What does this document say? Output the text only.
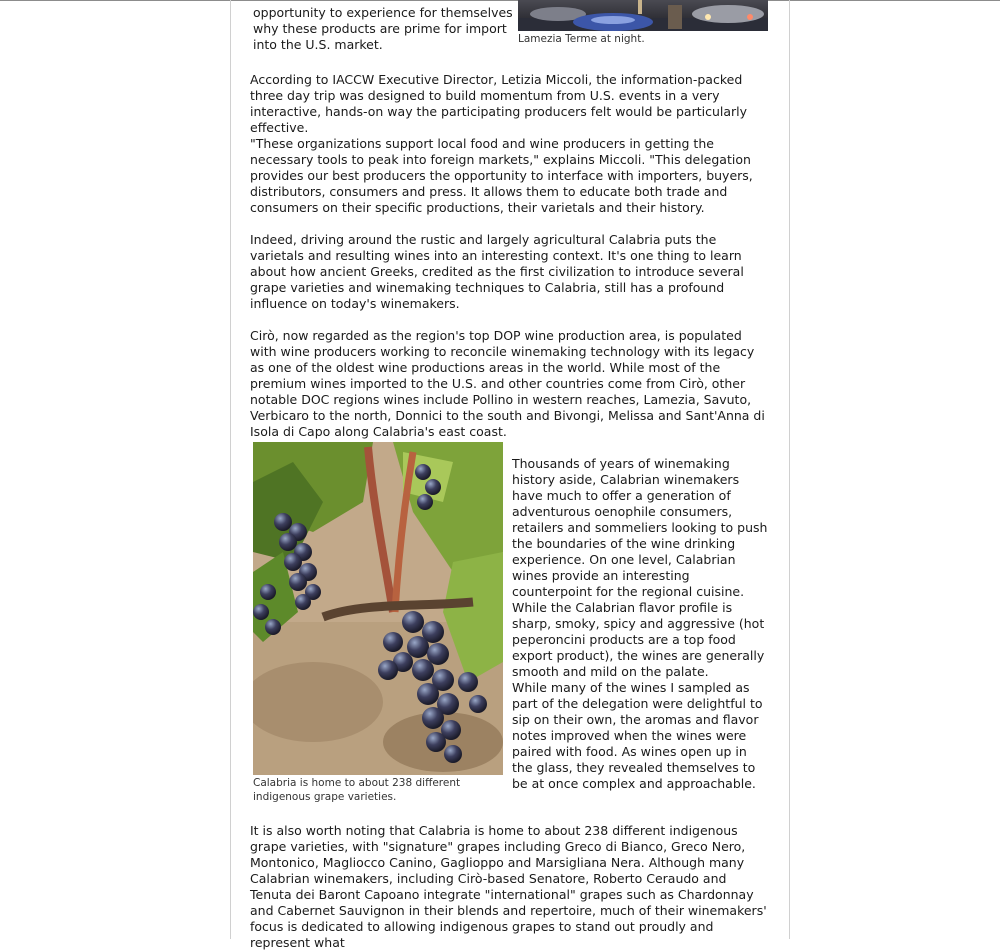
opportunity to experience for themselves why these products are prime for import into the U.S. market.	Lamezia Terme at night.

According to IACCW Executive Director, Letizia Miccoli, the information-packed three day trip was designed to build momentum from U.S. events in a very interactive, hands-on way the participating producers felt would be particularly effective.

"These organizations support local food and wine producers in getting the necessary tools to peak into foreign markets," explains Miccoli. "This delegation provides our best producers the opportunity to interface with importers, buyers, distributors, consumers and press. It allows them to educate both trade and consumers on their specific productions, their varietals and their history.

Indeed, driving around the rustic and largely agricultural Calabria puts the varietals and resulting wines into an interesting context. It's one thing to learn about how ancient Greeks, credited as the first civilization to introduce several grape varieties and winemaking techniques to Calabria, still has a profound influence on today's winemakers.

Cirò, now regarded as the region's top DOP wine production area, is populated with wine producers working to reconcile winemaking technology with its legacy as one of the oldest wine productions areas in the world. While most of the premium wines imported to the U.S. and other countries come from Cirò, other notable DOC regions wines include Pollino in western reaches, Lamezia, Savuto, Verbicaro to the north, Donnici to the south and Bivongi, Melissa and Sant'Anna di Isola di Capo along Calabria's east coast.

Calabria is home to about 238 different indigenous grape varieties.

Thousands of years of winemaking history aside, Calabrian winemakers have much to offer a generation of adventurous oenophile consumers, retailers and sommeliers looking to push the boundaries of the wine drinking experience. On one level, Calabrian wines provide an interesting counterpoint for the regional cuisine. While the Calabrian flavor profile is sharp, smoky, spicy and aggressive (hot peperoncini products are a top food export product), the wines are generally smooth and mild on the palate.

While many of the wines I sampled as part of the delegation were delightful to sip on their own, the aromas and flavor notes improved when the wines were paired with food. As wines open up in the glass, they revealed themselves to be at once complex and approachable.

It is also worth noting that Calabria is home to about 238 different indigenous grape varieties, with "signature" grapes including Greco di Bianco, Greco Nero, Montonico, Magliocco Canino, Gaglioppo and Marsigliana Nera. Although many Calabrian winemakers, including Cirò-based Senatore, Roberto Ceraudo and Tenuta dei Baront Capoano integrate "international" grapes such as Chardonnay and Cabernet Sauvignon in their blends and repertoire, much of their winemakers' focus is dedicated to allowing indigenous grapes to stand out proudly and represent what
